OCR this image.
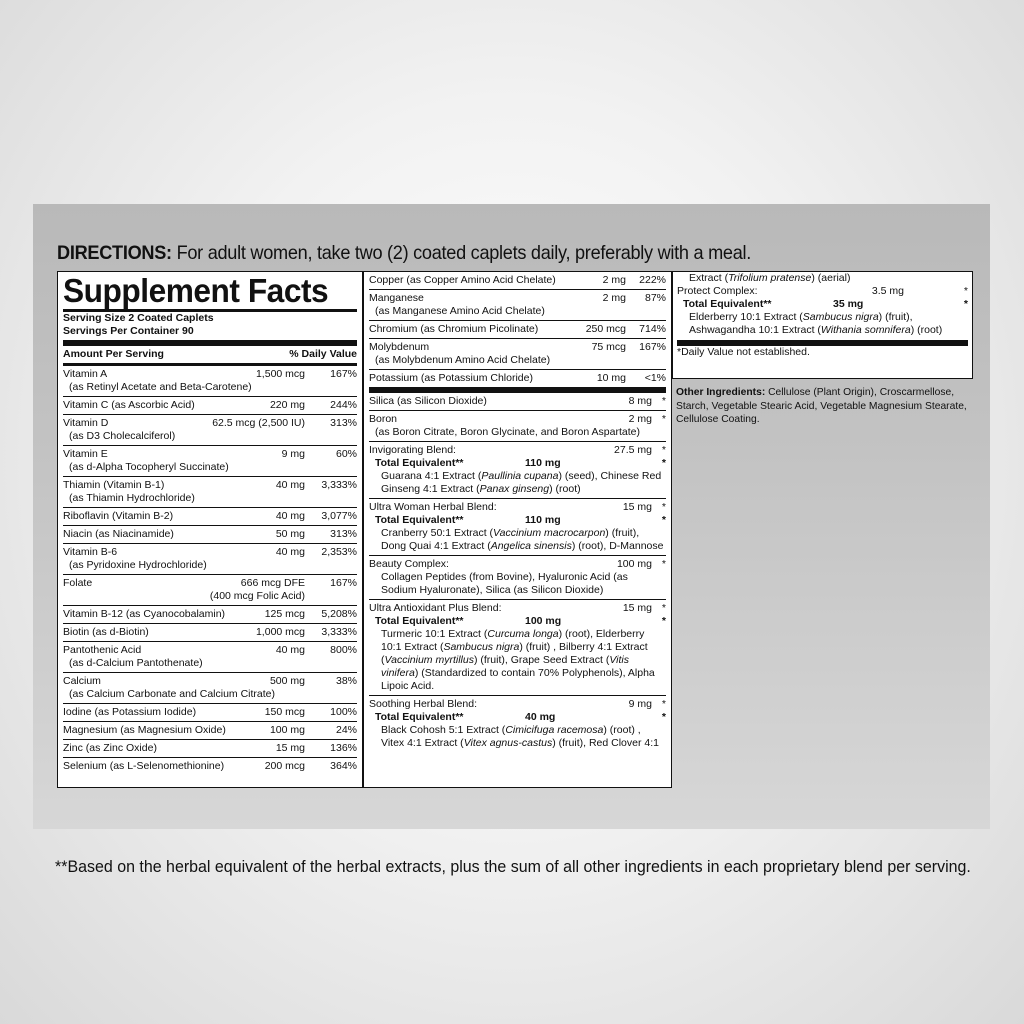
DIRECTIONS: For adult women, take two (2) coated caplets daily, preferably with a meal.
Supplement Facts
Serving Size 2 Coated Caplets
Servings Per Container 90
Amount Per Serving	% Daily Value
Vitamin A	1,500 mcg	167%
(as Retinyl Acetate and Beta-Carotene)
Vitamin C (as Ascorbic Acid)	220 mg	244%
Vitamin D	62.5 mcg (2,500 IU)	313%
(as D3 Cholecalciferol)
Vitamin E	9 mg	60%
(as d-Alpha Tocopheryl Succinate)
Thiamin (Vitamin B-1)	40 mg	3,333%
(as Thiamin Hydrochloride)
Riboflavin (Vitamin B-2)	40 mg	3,077%
Niacin (as Niacinamide)	50 mg	313%
Vitamin B-6	40 mg	2,353%
(as Pyridoxine Hydrochloride)
Folate	666 mcg DFE	167%
(400 mcg Folic Acid)
Vitamin B-12 (as Cyanocobalamin)	125 mcg	5,208%
Biotin (as d-Biotin)	1,000 mcg	3,333%
Pantothenic Acid	40 mg	800%
(as d-Calcium Pantothenate)
Calcium	500 mg	38%
(as Calcium Carbonate and Calcium Citrate)
Iodine (as Potassium Iodide)	150 mcg	100%
Magnesium (as Magnesium Oxide)	100 mg	24%
Zinc (as Zinc Oxide)	15 mg	136%
Selenium (as L-Selenomethionine)	200 mcg	364%
Copper (as Copper Amino Acid Chelate)	2 mg	222%
Manganese	2 mg	87%
(as Manganese Amino Acid Chelate)
Chromium (as Chromium Picolinate)	250 mcg	714%
Molybdenum	75 mcg	167%
(as Molybdenum Amino Acid Chelate)
Potassium (as Potassium Chloride)	10 mg	<1%
Silica (as Silicon Dioxide)	8 mg *
Boron	2 mg *
(as Boron Citrate, Boron Glycinate, and Boron Aspartate)
Invigorating Blend:	27.5 mg *
Total Equivalent**	110 mg	*
Guarana 4:1 Extract (Paullinia cupana) (seed), Chinese Red Ginseng 4:1 Extract (Panax ginseng) (root)
Ultra Woman Herbal Blend:	15 mg *
Total Equivalent**	110 mg	*
Cranberry 50:1 Extract (Vaccinium macrocarpon) (fruit), Dong Quai 4:1 Extract (Angelica sinensis) (root), D-Mannose
Beauty Complex:	100 mg *
Collagen Peptides (from Bovine), Hyaluronic Acid (as Sodium Hyaluronate), Silica (as Silicon Dioxide)
Ultra Antioxidant Plus Blend:	15 mg *
Total Equivalent**	100 mg	*
Turmeric 10:1 Extract (Curcuma longa) (root), Elderberry 10:1 Extract (Sambucus nigra) (fruit) , Bilberry 4:1 Extract (Vaccinium myrtillus) (fruit), Grape Seed Extract (Vitis vinifera) (Standardized to contain 70% Polyphenols), Alpha Lipoic Acid.
Soothing Herbal Blend:	9 mg *
Total Equivalent**	40 mg	*
Black Cohosh 5:1 Extract (Cimicifuga racemosa) (root) , Vitex 4:1 Extract (Vitex agnus-castus) (fruit), Red Clover 4:1
Extract (Trifolium pratense) (aerial)
Protect Complex:	3.5 mg	*
Total Equivalent**	35 mg	*
Elderberry 10:1 Extract (Sambucus nigra) (fruit), Ashwagandha 10:1 Extract (Withania somnifera) (root)
*Daily Value not established.
Other Ingredients: Cellulose (Plant Origin), Croscarmellose, Starch, Vegetable Stearic Acid, Vegetable Magnesium Stearate, Cellulose Coating.
**Based on the herbal equivalent of the herbal extracts, plus the sum of all other ingredients in each proprietary blend per serving.
